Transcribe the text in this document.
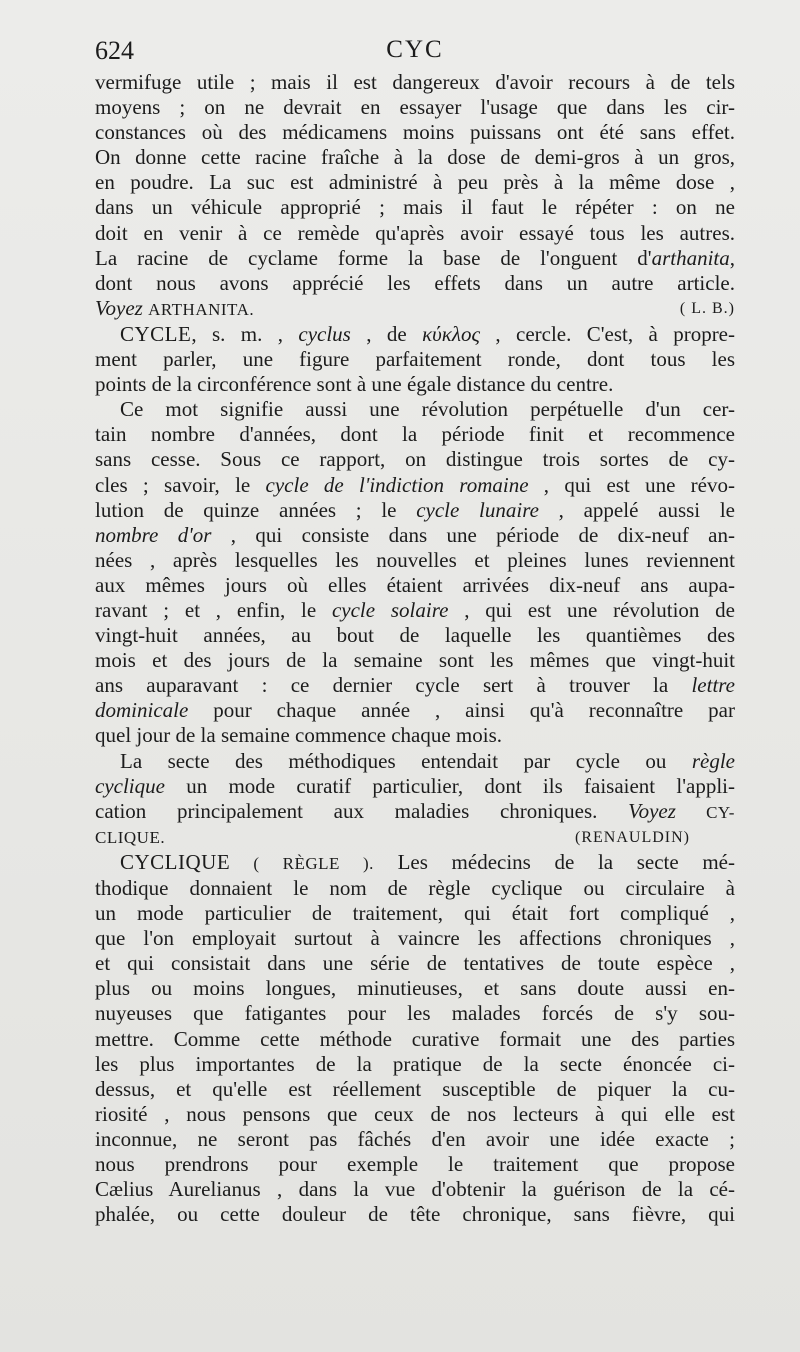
624	CYC

vermifuge utile ; mais il est dangereux d'avoir recours à de tels
moyens ; on ne devrait en essayer l'usage que dans les cir-
constances où des médicamens moins puissans ont été sans effet.
On donne cette racine fraîche à la dose de demi-gros à un gros,
en poudre. La suc est administré à peu près à la même dose ,
dans un véhicule approprié ; mais il faut le répéter : on ne
doit en venir à ce remède qu'après avoir essayé tous les autres.
La racine de cyclame forme la base de l'onguent d'arthanita,
dont nous avons apprécié les effets dans un autre article.
Voyez ARTHANITA.	( L. B.)

CYCLE, s. m. , cyclus , de κύκλος , cercle. C'est, à propre-

ment parler, une figure parfaitement ronde, dont tous les
points de la circonférence sont à une égale distance du centre.

Ce mot signifie aussi une révolution perpétuelle d'un cer-

tain nombre d'années, dont la période finit et recommence
sans cesse. Sous ce rapport, on distingue trois sortes de cy-
cles ; savoir, le cycle de l'indiction romaine , qui est une révo-
lution de quinze années ; le cycle lunaire , appelé aussi le
nombre d'or , qui consiste dans une période de dix-neuf an-
nées , après lesquelles les nouvelles et pleines lunes reviennent
aux mêmes jours où elles étaient arrivées dix-neuf ans aupa-
ravant ; et , enfin, le cycle solaire , qui est une révolution de
vingt-huit années, au bout de laquelle les quantièmes des
mois et des jours de la semaine sont les mêmes que vingt-huit
ans auparavant : ce dernier cycle sert à trouver la lettre
dominicale pour chaque année , ainsi qu'à reconnaître par
quel jour de la semaine commence chaque mois.

La secte des méthodiques entendait par cycle ou règle

cyclique un mode curatif particulier, dont ils faisaient l'appli-
cation principalement aux maladies chroniques. Voyez CY-
CLIQUE.	(RENAULDIN)

CYCLIQUE ( RÈGLE ). Les médecins de la secte mé-

thodique donnaient le nom de règle cyclique ou circulaire à
un mode particulier de traitement, qui était fort compliqué ,
que l'on employait surtout à vaincre les affections chroniques ,
et qui consistait dans une série de tentatives de toute espèce ,
plus ou moins longues, minutieuses, et sans doute aussi en-
nuyeuses que fatigantes pour les malades forcés de s'y sou-
mettre. Comme cette méthode curative formait une des parties
les plus importantes de la pratique de la secte énoncée ci-
dessus, et qu'elle est réellement susceptible de piquer la cu-
riosité , nous pensons que ceux de nos lecteurs à qui elle est
inconnue, ne seront pas fâchés d'en avoir une idée exacte ;
nous prendrons pour exemple le traitement que propose
Cælius Aurelianus , dans la vue d'obtenir la guérison de la cé-
phalée, ou cette douleur de tête chronique, sans fièvre, qui
